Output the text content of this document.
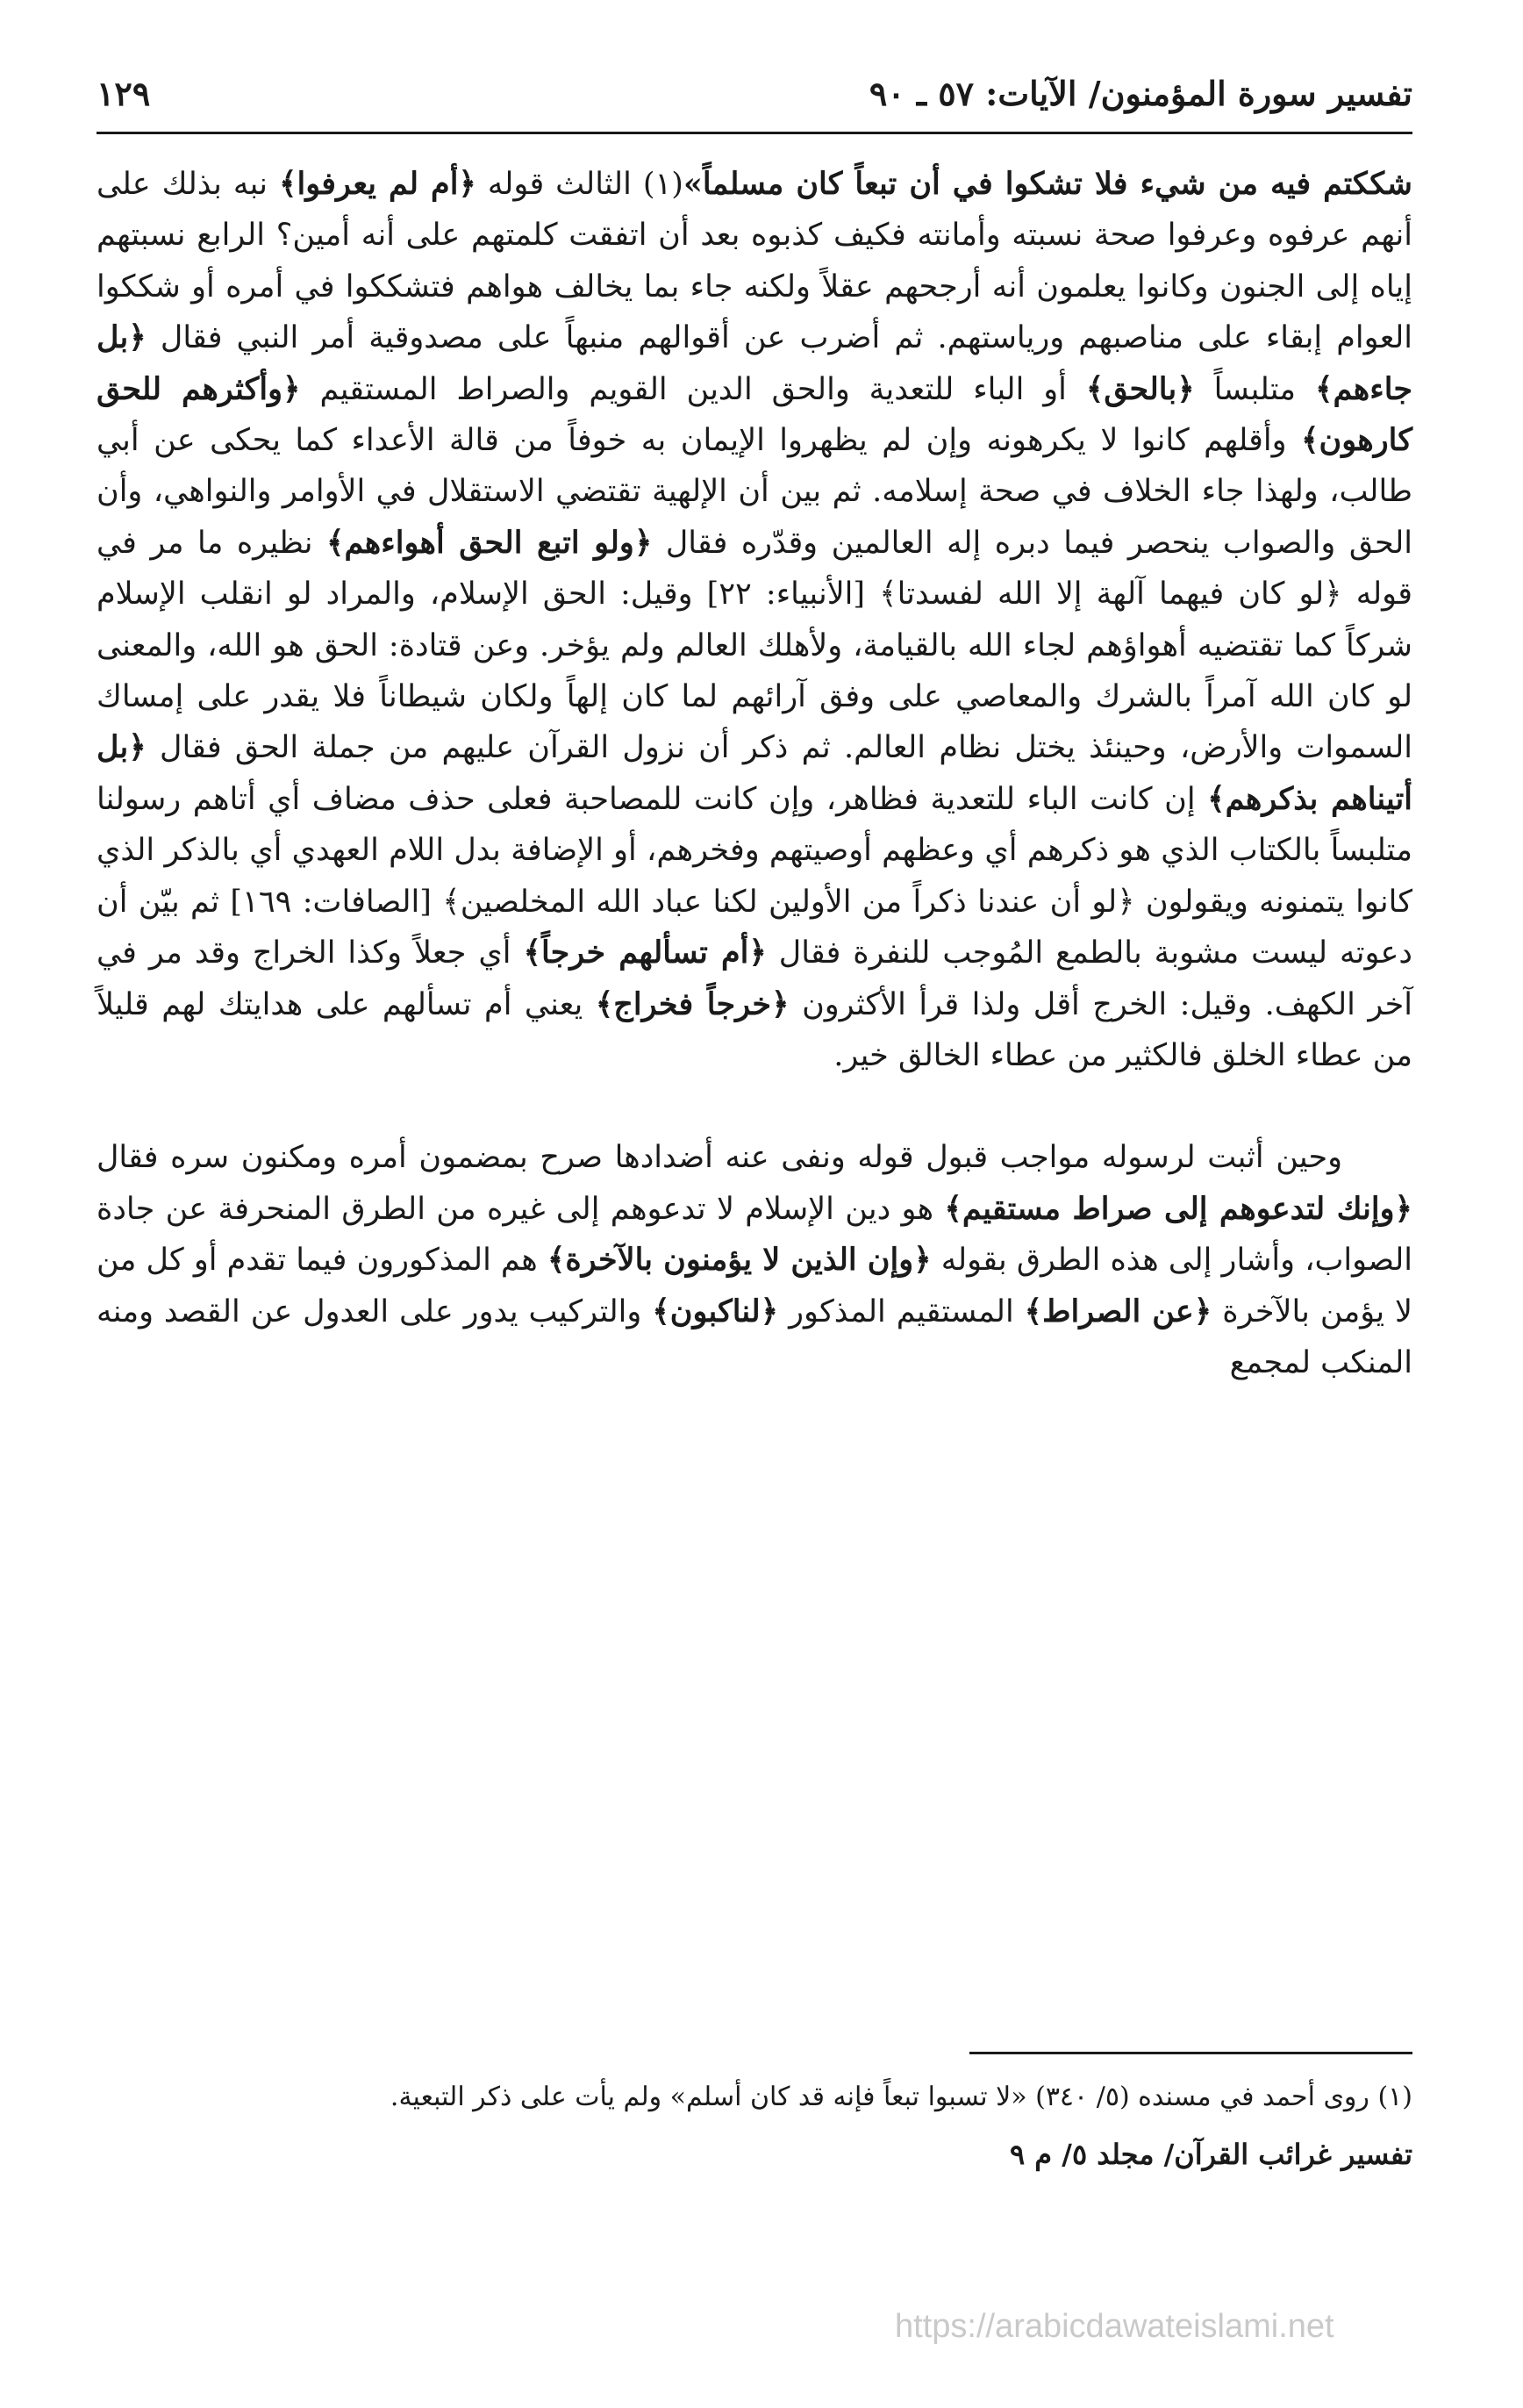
تفسير سورة المؤمنون/ الآيات: ٥٧ ـ ٩٠
١٢٩

شككتم فيه من شيء فلا تشكوا في أن تبعاً كان مسلماً»(١) الثالث قوله ﴿أم لم يعرفوا﴾ نبه بذلك على أنهم عرفوه وعرفوا صحة نسبته وأمانته فكيف كذبوه بعد أن اتفقت كلمتهم على أنه أمين؟ الرابع نسبتهم إياه إلى الجنون وكانوا يعلمون أنه أرجحهم عقلاً ولكنه جاء بما يخالف هواهم فتشككوا في أمره أو شككوا العوام إبقاء على مناصبهم ورياستهم. ثم أضرب عن أقوالهم منبهاً على مصدوقية أمر النبي فقال ﴿بل جاءهم﴾ متلبساً ﴿بالحق﴾ أو الباء للتعدية والحق الدين القويم والصراط المستقيم ﴿وأكثرهم للحق كارهون﴾ وأقلهم كانوا لا يكرهونه وإن لم يظهروا الإيمان به خوفاً من قالة الأعداء كما يحكى عن أبي طالب، ولهذا جاء الخلاف في صحة إسلامه. ثم بين أن الإلهية تقتضي الاستقلال في الأوامر والنواهي، وأن الحق والصواب ينحصر فيما دبره إله العالمين وقدّره فقال ﴿ولو اتبع الحق أهواءهم﴾ نظيره ما مر في قوله ﴿لو كان فيهما آلهة إلا الله لفسدتا﴾ [الأنبياء: ٢٢] وقيل: الحق الإسلام، والمراد لو انقلب الإسلام شركاً كما تقتضيه أهواؤهم لجاء الله بالقيامة، ولأهلك العالم ولم يؤخر. وعن قتادة: الحق هو الله، والمعنى لو كان الله آمراً بالشرك والمعاصي على وفق آرائهم لما كان إلهاً ولكان شيطاناً فلا يقدر على إمساك السموات والأرض، وحينئذ يختل نظام العالم. ثم ذكر أن نزول القرآن عليهم من جملة الحق فقال ﴿بل أتيناهم بذكرهم﴾ إن كانت الباء للتعدية فظاهر، وإن كانت للمصاحبة فعلى حذف مضاف أي أتاهم رسولنا متلبساً بالكتاب الذي هو ذكرهم أي وعظهم أوصيتهم وفخرهم، أو الإضافة بدل اللام العهدي أي بالذكر الذي كانوا يتمنونه ويقولون ﴿لو أن عندنا ذكراً من الأولين لكنا عباد الله المخلصين﴾ [الصافات: ١٦٩] ثم بيّن أن دعوته ليست مشوبة بالطمع المُوجب للنفرة فقال ﴿أم تسألهم خرجاً﴾ أي جعلاً وكذا الخراج وقد مر في آخر الكهف. وقيل: الخرج أقل ولذا قرأ الأكثرون ﴿خرجاً فخراج﴾ يعني أم تسألهم على هدايتك لهم قليلاً من عطاء الخلق فالكثير من عطاء الخالق خير.

وحين أثبت لرسوله مواجب قبول قوله ونفى عنه أضدادها صرح بمضمون أمره ومكنون سره فقال ﴿وإنك لتدعوهم إلى صراط مستقيم﴾ هو دين الإسلام لا تدعوهم إلى غيره من الطرق المنحرفة عن جادة الصواب، وأشار إلى هذه الطرق بقوله ﴿وإن الذين لا يؤمنون بالآخرة﴾ هم المذكورون فيما تقدم أو كل من لا يؤمن بالآخرة ﴿عن الصراط﴾ المستقيم المذكور ﴿لناكبون﴾ والتركيب يدور على العدول عن القصد ومنه المنكب لمجمع

(١) روى أحمد في مسنده (٥/ ٣٤٠) «لا تسبوا تبعاً فإنه قد كان أسلم» ولم يأت على ذكر التبعية.
تفسير غرائب القرآن/ مجلد ٥/ م ٩
https://arabicdawateislami.net
